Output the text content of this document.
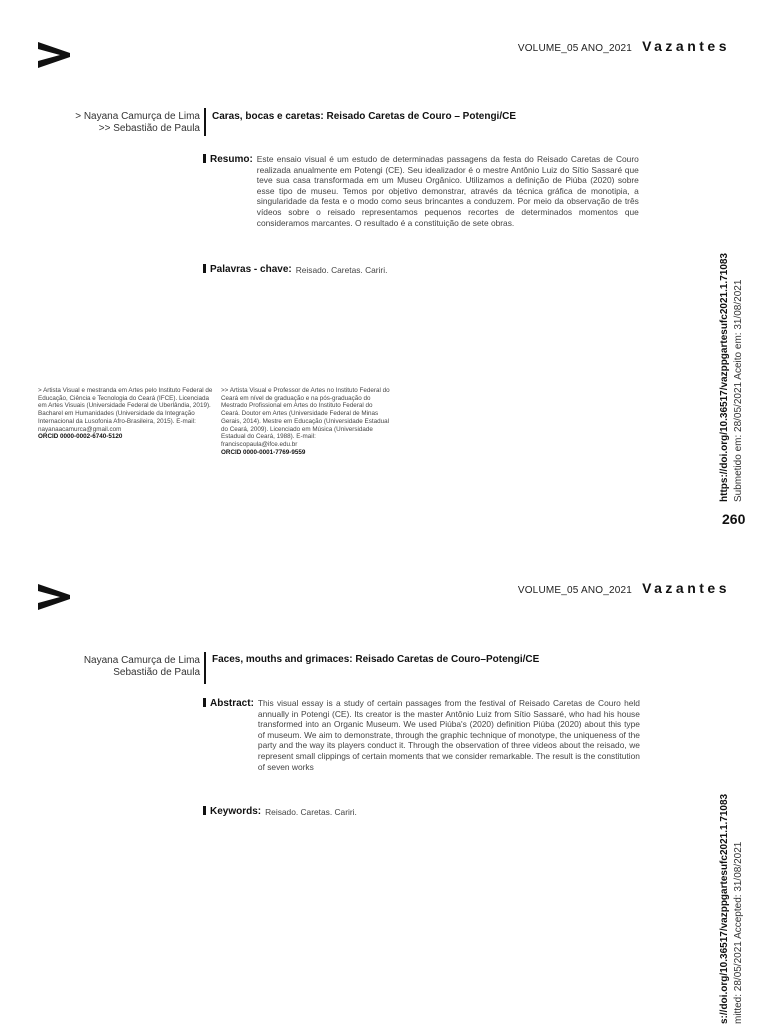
VOLUME_05 ANO_2021 Vazantes
> Nayana Camurça de Lima
>> Sebastião de Paula
Caras, bocas e caretas: Reisado Caretas de Couro – Potengi/CE
Resumo: Este ensaio visual é um estudo de determinadas passagens da festa do Reisado Caretas de Couro realizada anualmente em Potengi (CE). Seu idealizador é o mestre Antônio Luiz do Sítio Sassaré que teve sua casa transformada em um Museu Orgânico. Utilizamos a definição de Piúba (2020) sobre esse tipo de museu. Temos por objetivo demonstrar, através da técnica gráfica de monotipia, a singularidade da festa e o modo como seus brincantes a conduzem. Por meio da observação de três vídeos sobre o reisado representamos pequenos recortes de determinados momentos que consideramos marcantes. O resultado é a constituição de sete obras.
Palavras - chave: Reisado. Caretas. Cariri.

> Artista Visual e mestranda em Artes pelo Instituto Federal de Educação, Ciência e Tecnologia do Ceará (IFCE). Licenciada em Artes Visuais (Universidade Federal de Uberlândia, 2019). Bacharel em Humanidades (Universidade da Integração Internacional da Lusofonia Afro-Brasileira, 2015). E-mail: nayanaacamurca@gmail.com

ORCID 0000-0002-6740-5120

>> Artista Visual e Professor de Artes no Instituto Federal do Ceará em nível de graduação e na pós-graduação do Mestrado Profissional em Artes do Instituto Federal do Ceará. Doutor em Artes (Universidade Federal de Minas Gerais, 2014). Mestre em Educação (Universidade Estadual do Ceará, 2009). Licenciado em Música (Universidade Estadual do Ceará, 1988). E-mail: franciscopaula@ifce.edu.br

ORCID 0000-0001-7769-9559	https://doi.org/10.36517/vazppgartesufc2021.1.71083 Submetido em: 28/05/2021 Aceito em: 31/08/2021
260
VOLUME_05 ANO_2021 Vazantes
Nayana Camurça de Lima
Sebastião de Paula
Faces, mouths and grimaces: Reisado Caretas de Couro–Potengi/CE
Abstract: This visual essay is a study of certain passages from the festival of Reisado Caretas de Couro held annually in Potengi (CE). Its creator is the master Antônio Luiz from Sítio Sassaré, who had his house transformed into an Organic Museum. We used Piúba's (2020) definition Piúba (2020) about this type of museum. We aim to demonstrate, through the graphic technique of monotype, the uniqueness of the party and the way its players conduct it. Through the observation of three videos about the reisado, we represent small clippings of certain moments that we consider remarkable. The result is the constitution of seven works
Keywords: Reisado. Caretas. Cariri.	s://doi.org/10.36517/vazppgartesufc2021.1.71083 mitted: 28/05/2021 Accepted: 31/08/2021
